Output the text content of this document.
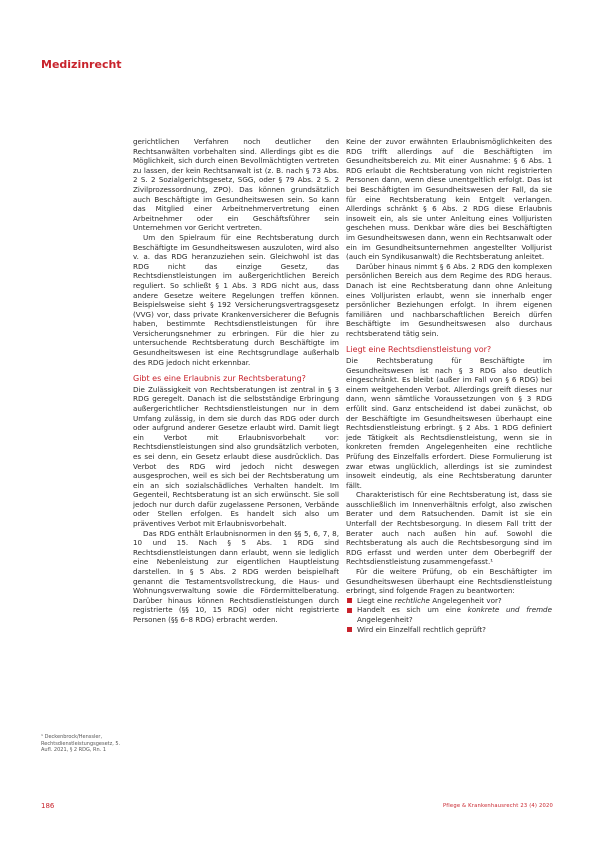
Medizinrecht

gerichtlichen Verfahren noch deutlicher den Rechtsanwälten vorbehalten sind. Allerdings gibt es die Möglichkeit, sich durch einen Bevollmächtigten vertreten zu lassen, der kein Rechtsanwalt ist (z. B. nach § 73 Abs. 2 S. 2 Sozialgerichtsgesetz, SGG, oder § 79 Abs. 2 S. 2 Zivilprozessordnung, ZPO). Das können grundsätzlich auch Beschäftigte im Gesundheitswesen sein. So kann das Mitglied einer Arbeitnehmervertretung einen Arbeitnehmer oder ein Geschäftsführer sein Unternehmen vor Gericht vertreten.

Um den Spielraum für eine Rechtsberatung durch Beschäftigte im Gesundheitswesen auszuloten, wird also v. a. das RDG heranzuziehen sein. Gleichwohl ist das RDG nicht das einzige Gesetz, das Rechtsdienstleistungen im außergerichtlichen Bereich reguliert. So schließt § 1 Abs. 3 RDG nicht aus, dass andere Gesetze weitere Regelungen treffen können. Beispielsweise sieht § 192 Versicherungsvertragsgesetz (VVG) vor, dass private Krankenversicherer die Befugnis haben, bestimmte Rechtsdienstleistungen für ihre Versicherungsnehmer zu erbringen. Für die hier zu untersuchende Rechtsberatung durch Beschäftigte im Gesundheitswesen ist eine Rechtsgrundlage außerhalb des RDG jedoch nicht erkennbar.

Gibt es eine Erlaubnis zur Rechtsberatung?

Die Zulässigkeit von Rechtsberatungen ist zentral in § 3 RDG geregelt. Danach ist die selbstständige Erbringung außergerichtlicher Rechtsdienstleistungen nur in dem Umfang zulässig, in dem sie durch das RDG oder durch oder aufgrund anderer Gesetze erlaubt wird. Damit liegt ein Verbot mit Erlaubnisvorbehalt vor: Rechtsdienstleistungen sind also grundsätzlich verboten, es sei denn, ein Gesetz erlaubt diese ausdrücklich. Das Verbot des RDG wird jedoch nicht deswegen ausgesprochen, weil es sich bei der Rechtsberatung um ein an sich sozialschädliches Verhalten handelt. Im Gegenteil, Rechtsberatung ist an sich erwünscht. Sie soll jedoch nur durch dafür zugelassene Personen, Verbände oder Stellen erfolgen. Es handelt sich also um präventives Verbot mit Erlaubnisvorbehalt.

Das RDG enthält Erlaubnisnormen in den §§ 5, 6, 7, 8, 10 und 15. Nach § 5 Abs. 1 RDG sind Rechtsdienstleistungen dann erlaubt, wenn sie lediglich eine Nebenleistung zur eigentlichen Hauptleistung darstellen. In § 5 Abs. 2 RDG werden beispielhaft genannt die Testamentsvollstreckung, die Haus- und Wohnungsverwaltung sowie die Fördermittelberatung. Darüber hinaus können Rechtsdienstleistungen durch registrierte (§§ 10, 15 RDG) oder nicht registrierte Personen (§§ 6–8 RDG) erbracht werden.

Keine der zuvor erwähnten Erlaubnismöglichkeiten des RDG trifft allerdings auf die Beschäftigten im Gesundheitsbereich zu. Mit einer Ausnahme: § 6 Abs. 1 RDG erlaubt die Rechtsberatung von nicht registrierten Personen dann, wenn diese unentgeltlich erfolgt. Das ist bei Beschäftigten im Gesundheitswesen der Fall, da sie für eine Rechtsberatung kein Entgelt verlangen. Allerdings schränkt § 6 Abs. 2 RDG diese Erlaubnis insoweit ein, als sie unter Anleitung eines Volljuristen geschehen muss. Denkbar wäre dies bei Beschäftigten im Gesundheitswesen dann, wenn ein Rechtsanwalt oder ein im Gesundheitsunternehmen angestellter Volljurist (auch ein Syndikusanwalt) die Rechtsberatung anleitet.

Darüber hinaus nimmt § 6 Abs. 2 RDG den komplexen persönlichen Bereich aus dem Regime des RDG heraus. Danach ist eine Rechtsberatung dann ohne Anleitung eines Volljuristen erlaubt, wenn sie innerhalb enger persönlicher Beziehungen erfolgt. In ihrem eigenen familiären und nachbarschaftlichen Bereich dürfen Beschäftigte im Gesundheitswesen also durchaus rechtsberatend tätig sein.

Liegt eine Rechtsdienstleistung vor?

Die Rechtsberatung für Beschäftigte im Gesundheitswesen ist nach § 3 RDG also deutlich eingeschränkt. Es bleibt (außer im Fall von § 6 RDG) bei einem weitgehenden Verbot. Allerdings greift dieses nur dann, wenn sämtliche Voraussetzungen von § 3 RDG erfüllt sind. Ganz entscheidend ist dabei zunächst, ob der Beschäftigte im Gesundheitswesen überhaupt eine Rechtsdienstleistung erbringt. § 2 Abs. 1 RDG definiert jede Tätigkeit als Rechtsdienstleistung, wenn sie in konkreten fremden Angelegenheiten eine rechtliche Prüfung des Einzelfalls erfordert. Diese Formulierung ist zwar etwas unglücklich, allerdings ist sie zumindest insoweit eindeutig, als eine Rechtsberatung darunter fällt.

Charakteristisch für eine Rechtsberatung ist, dass sie ausschließlich im Innenverhältnis erfolgt, also zwischen Berater und dem Ratsuchenden. Damit ist sie ein Unterfall der Rechtsbesorgung. In diesem Fall tritt der Berater auch nach außen hin auf. Sowohl die Rechtsberatung als auch die Rechtsbesorgung sind im RDG erfasst und werden unter dem Oberbegriff der Rechtsdienstleistung zusammengefasst.¹

Für die weitere Prüfung, ob ein Beschäftigter im Gesundheitswesen überhaupt eine Rechtsdienstleistung erbringt, sind folgende Fragen zu beantworten:

Liegt eine rechtliche Angelegenheit vor?
Handelt es sich um eine konkrete und fremde Angelegenheit?
Wird ein Einzelfall rechtlich geprüft?
¹ Deckenbrock/Henssler, Rechtsdienstleistungsgesetz, 5. Aufl. 2021, § 2 RDG, Rn. 1
186	Pflege & Krankenhausrecht 23 (4) 2020
